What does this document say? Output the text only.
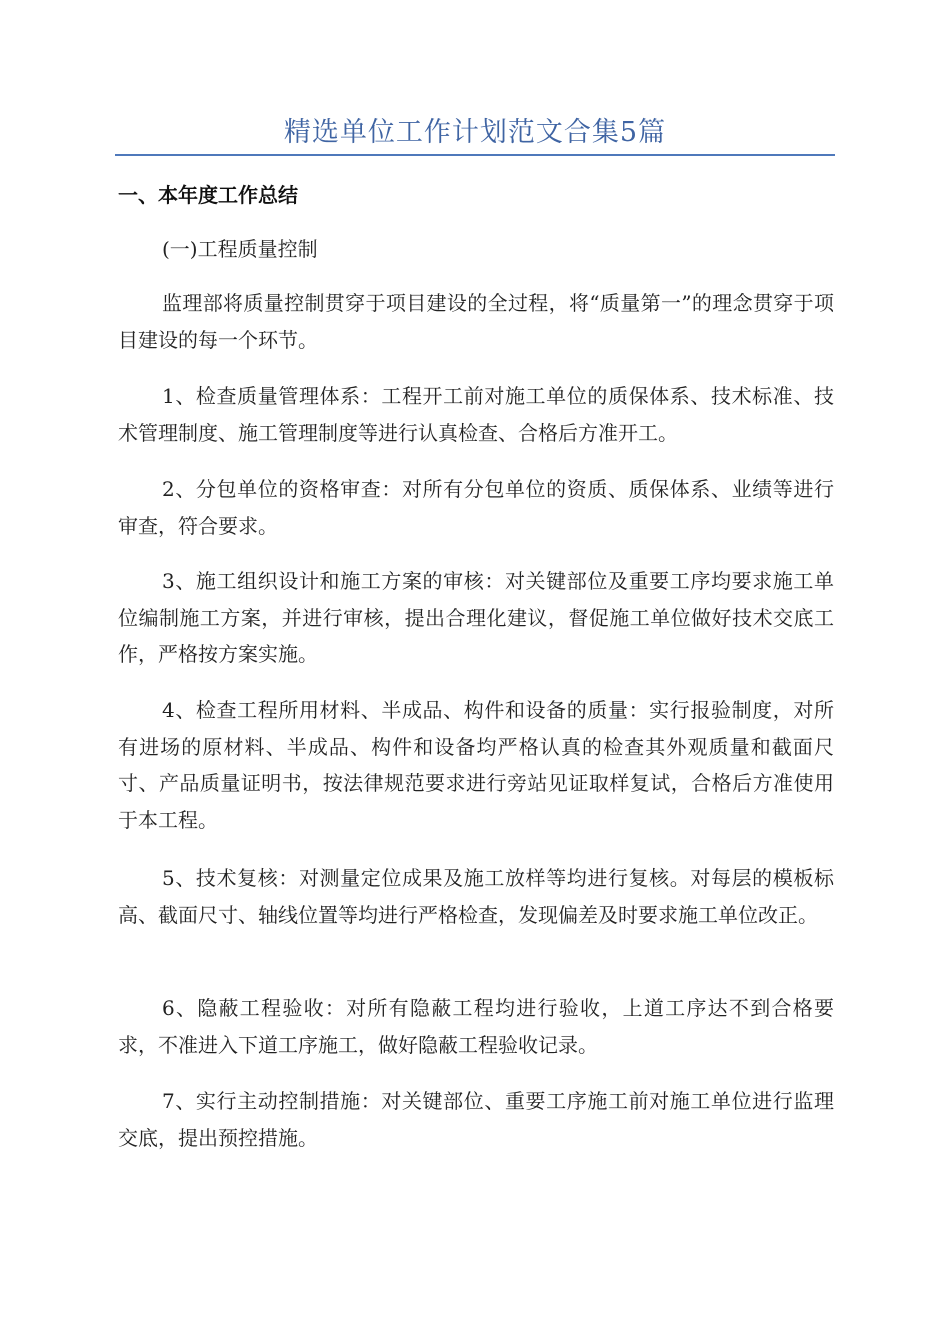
精选单位工作计划范文合集5篇
一、本年度工作总结
(一)工程质量控制

监理部将质量控制贯穿于项目建设的全过程，将“质量第一”的理念贯穿于项目建设的每一个环节。

1、检查质量管理体系：工程开工前对施工单位的质保体系、技术标准、技术管理制度、施工管理制度等进行认真检查、合格后方准开工。

2、分包单位的资格审查：对所有分包单位的资质、质保体系、业绩等进行审查，符合要求。

3、施工组织设计和施工方案的审核：对关键部位及重要工序均要求施工单位编制施工方案，并进行审核，提出合理化建议，督促施工单位做好技术交底工作，严格按方案实施。

4、检查工程所用材料、半成品、构件和设备的质量：实行报验制度，对所有进场的原材料、半成品、构件和设备均严格认真的检查其外观质量和截面尺寸、产品质量证明书，按法律规范要求进行旁站见证取样复试，合格后方准使用于本工程。

5、技术复核：对测量定位成果及施工放样等均进行复核。对每层的模板标高、截面尺寸、轴线位置等均进行严格检查，发现偏差及时要求施工单位改正。

6、隐蔽工程验收：对所有隐蔽工程均进行验收，上道工序达不到合格要求，不准进入下道工序施工，做好隐蔽工程验收记录。

7、实行主动控制措施：对关键部位、重要工序施工前对施工单位进行监理交底，提出预控措施。
